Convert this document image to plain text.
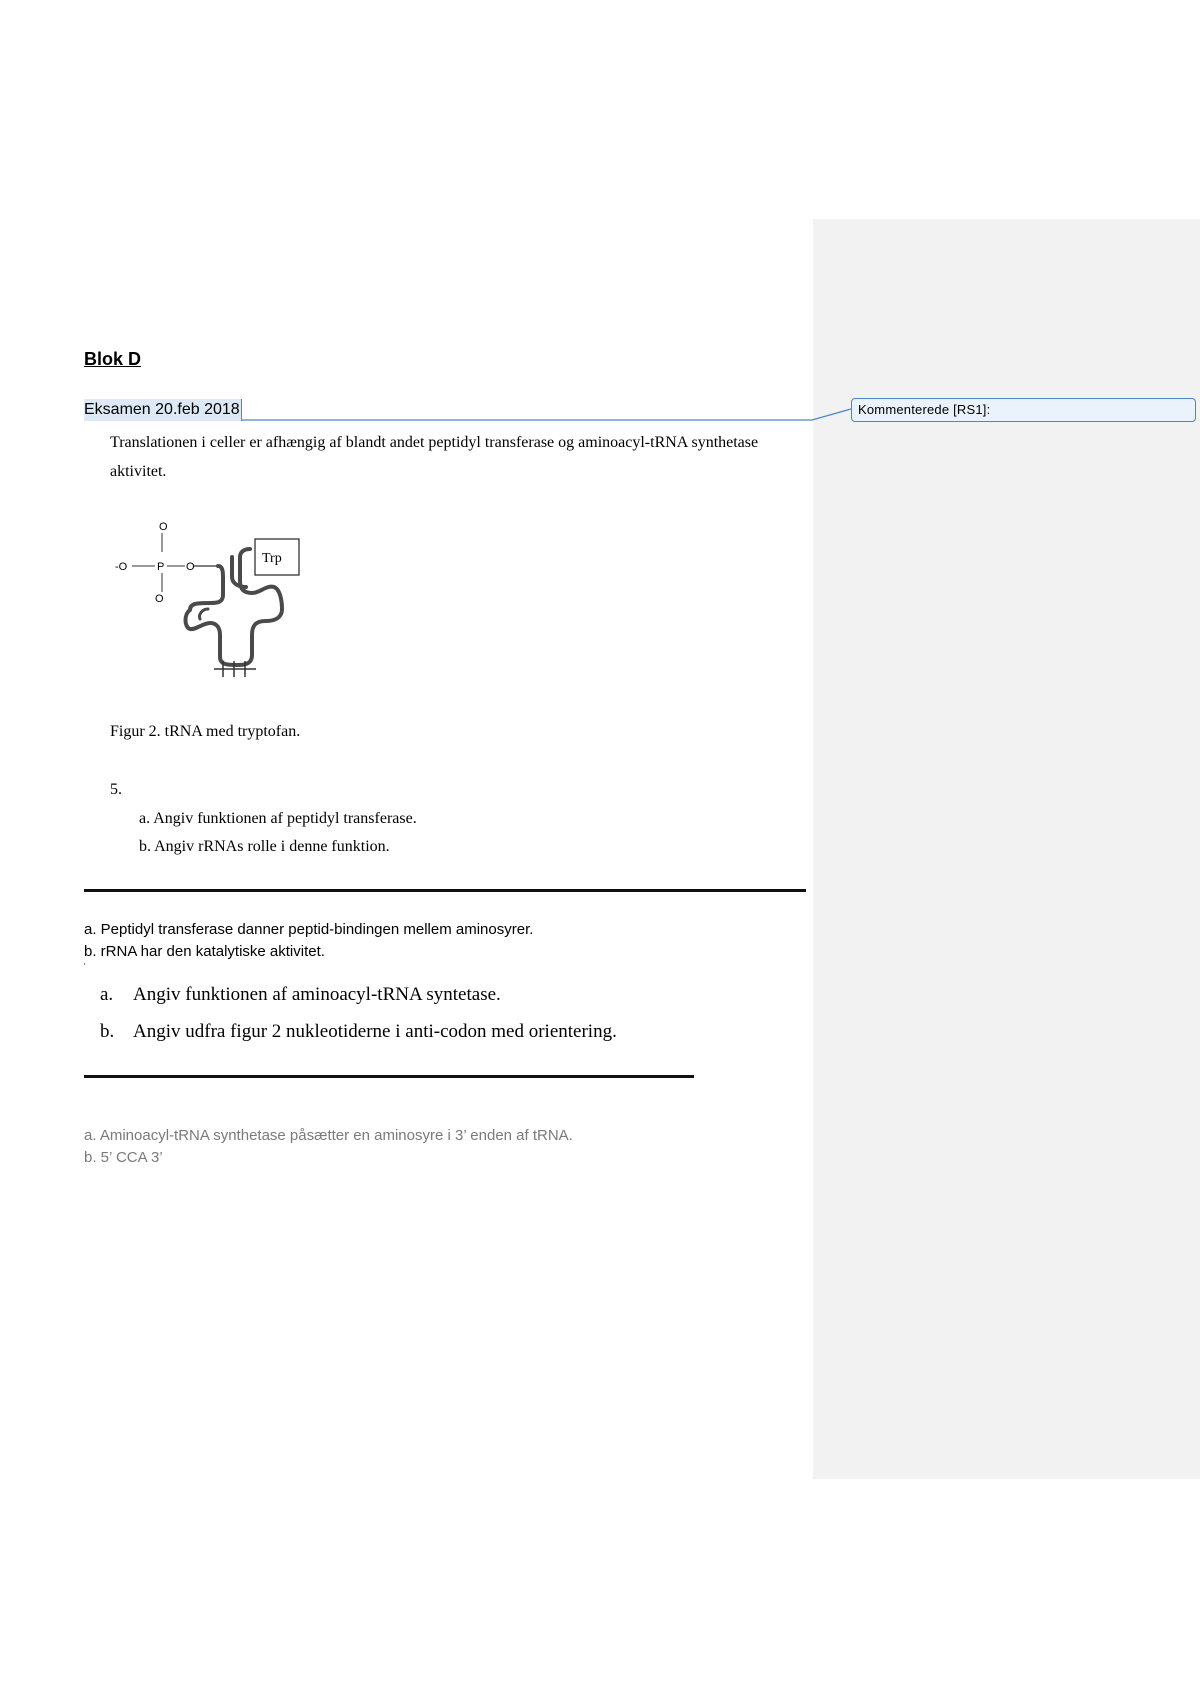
Kommenterede [RS1]:
Blok D
Eksamen 20.feb 2018
Translationen i celler er afhængig af blandt andet peptidyl transferase og aminoacyl-tRNA synthetase aktivitet.
O
-O	P O
O
Trp
Figur 2. tRNA med tryptofan.
5.
a. Angiv funktionen af peptidyl transferase.
b. Angiv rRNAs rolle i denne funktion.
a. Peptidyl transferase danner peptid-bindingen mellem aminosyrer.
b. rRNA har den katalytiske aktivitet.
'
a. Angiv funktionen af aminoacyl-tRNA syntetase.
b. Angiv udfra figur 2 nukleotiderne i anti-codon med orientering.
a. Aminoacyl-tRNA synthetase påsætter en aminosyre i 3’ enden af tRNA.
b. 5’ CCA 3’
